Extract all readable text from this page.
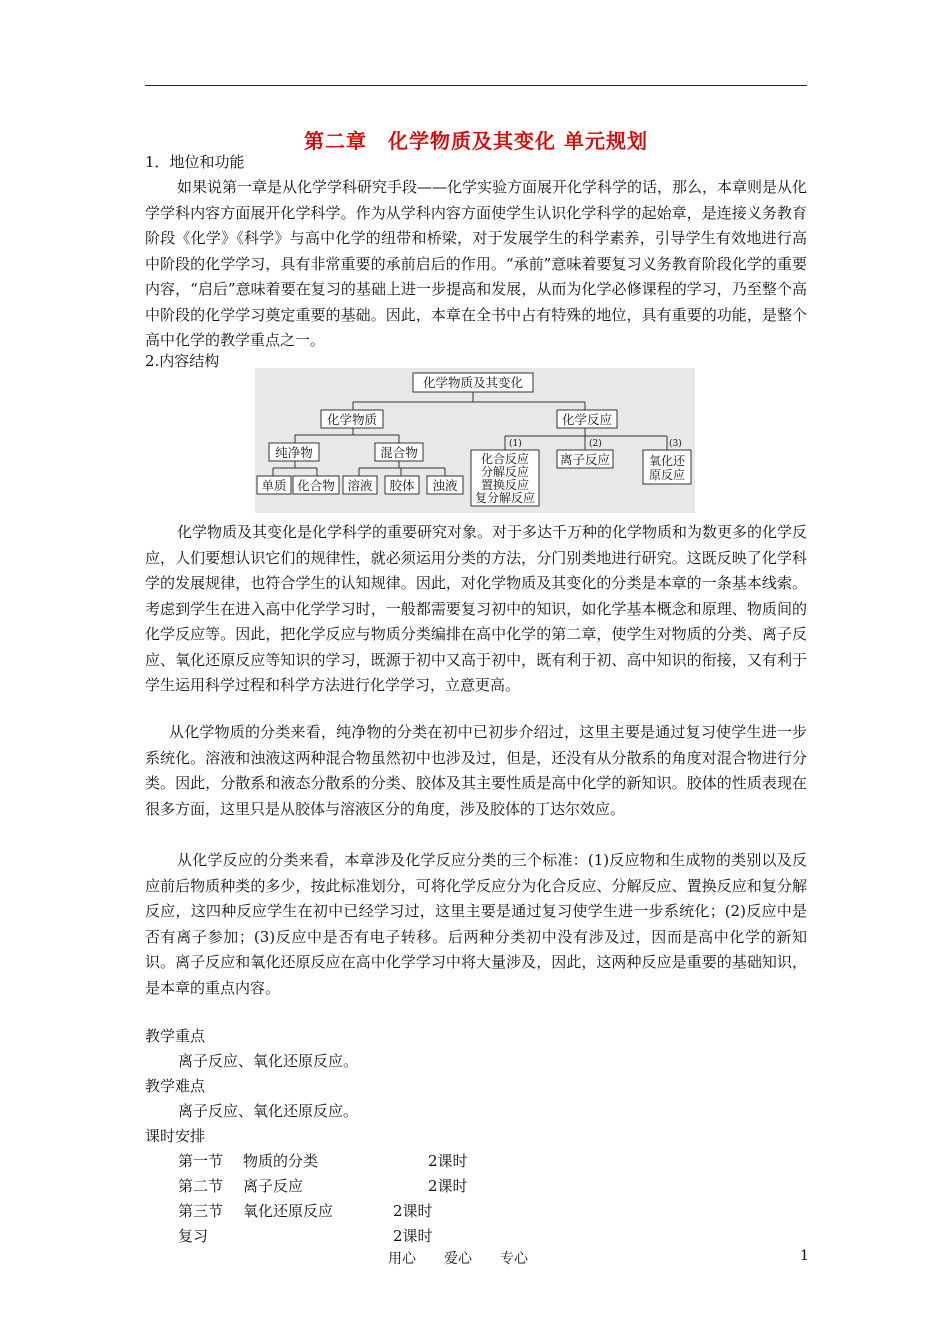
第二章　化学物质及其变化 单元规划
1．地位和功能
如果说第一章是从化学学科研究手段——化学实验方面展开化学科学的话，那么，本章则是从化学学科内容方面展开化学科学。作为从学科内容方面使学生认识化学科学的起始章，是连接义务教育阶段《化学》《科学》与高中化学的纽带和桥梁，对于发展学生的科学素养，引导学生有效地进行高中阶段的化学学习，具有非常重要的承前启后的作用。“承前”意味着要复习义务教育阶段化学的重要内容，“启后”意味着要在复习的基础上进一步提高和发展，从而为化学必修课程的学习，乃至整个高中阶段的化学学习奠定重要的基础。因此，本章在全书中占有特殊的地位，具有重要的功能，是整个高中化学的教学重点之一。
2.内容结构
化学物质及其变化
化学物质	化学反应
纯净物	混合物
单质 化合物 溶液 胶体 浊液
离子反应
(1)	(2)	(3)
化合反应
分解反应
置换反应
复分解反应
氧化还
原反应
化学物质及其变化是化学科学的重要研究对象。对于多达千万种的化学物质和为数更多的化学反应，人们要想认识它们的规律性，就必须运用分类的方法，分门别类地进行研究。这既反映了化学科学的发展规律，也符合学生的认知规律。因此，对化学物质及其变化的分类是本章的一条基本线索。考虑到学生在进入高中化学学习时，一般都需要复习初中的知识，如化学基本概念和原理、物质间的化学反应等。因此，把化学反应与物质分类编排在高中化学的第二章，使学生对物质的分类、离子反应、氧化还原反应等知识的学习，既源于初中又高于初中，既有利于初、高中知识的衔接，又有利于学生运用科学过程和科学方法进行化学学习，立意更高。
从化学物质的分类来看，纯净物的分类在初中已初步介绍过，这里主要是通过复习使学生进一步系统化。溶液和浊液这两种混合物虽然初中也涉及过，但是，还没有从分散系的角度对混合物进行分类。因此，分散系和液态分散系的分类、胶体及其主要性质是高中化学的新知识。胶体的性质表现在很多方面，这里只是从胶体与溶液区分的角度，涉及胶体的丁达尔效应。
从化学反应的分类来看，本章涉及化学反应分类的三个标准：(1)反应物和生成物的类别以及反应前后物质种类的多少，按此标准划分，可将化学反应分为化合反应、分解反应、置换反应和复分解反应，这四种反应学生在初中已经学习过，这里主要是通过复习使学生进一步系统化；(2)反应中是否有离子参加；(3)反应中是否有电子转移。后两种分类初中没有涉及过，因而是高中化学的新知识。离子反应和氧化还原反应在高中化学学习中将大量涉及，因此，这两种反应是重要的基础知识，是本章的重点内容。
教学重点
离子反应、氧化还原反应。
教学难点
离子反应、氧化还原反应。
课时安排
第一节 物质的分类	2课时
第二节 离子反应	2课时
第三节 氧化还原反应	2课时
复习	2课时
用心　　爱心　　专心	1
